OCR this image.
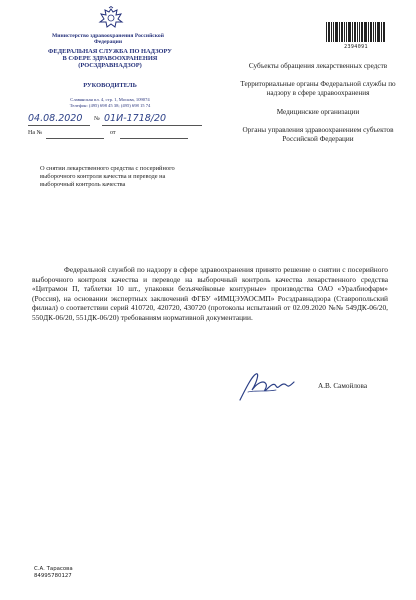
Министерство здравоохранения Российской Федерации
ФЕДЕРАЛЬНАЯ СЛУЖБА ПО НАДЗОРУ
В СФЕРЕ ЗДРАВООХРАНЕНИЯ
(РОСЗДРАВНАДЗОР)
РУКОВОДИТЕЛЬ
Славянская пл. 4, стр. 1, Москва, 109074
Телефон: (495) 698 45 38; (495) 698 15 74
04.08.2020 № 01И-1718/20
На №	от
О снятии лекарственного средства с посерийного выборочного контроля качества и переводе на выборочный контроль качества
2394091

Субъекты обращения лекарственных средств

Территориальные органы Федеральной службы по надзору в сфере здравоохранения

Медицинские организации

Органы управления здравоохранением субъектов Российской Федерации

Федеральной службой по надзору в сфере здравоохранения принято решение о снятии с посерийного выборочного контроля качества и переводе на выборочный контроль качества лекарственного средства «Цитрамон П, таблетки 10 шт., упаковки безъячейковые контурные» производства ОАО «Уралбиофарм» (Россия), на основании экспертных заключений ФГБУ «ИМЦЭУАОСМП» Росздравнадзора (Ставропольский филиал) о соответствии серий 410720, 420720, 430720 (протоколы испытаний от 02.09.2020 №№ 549ДК-06/20, 550ДК-06/20, 551ДК-06/20) требованиям нормативной документации.
А.В. Самойлова
С.А. Тарасова
84995780127
